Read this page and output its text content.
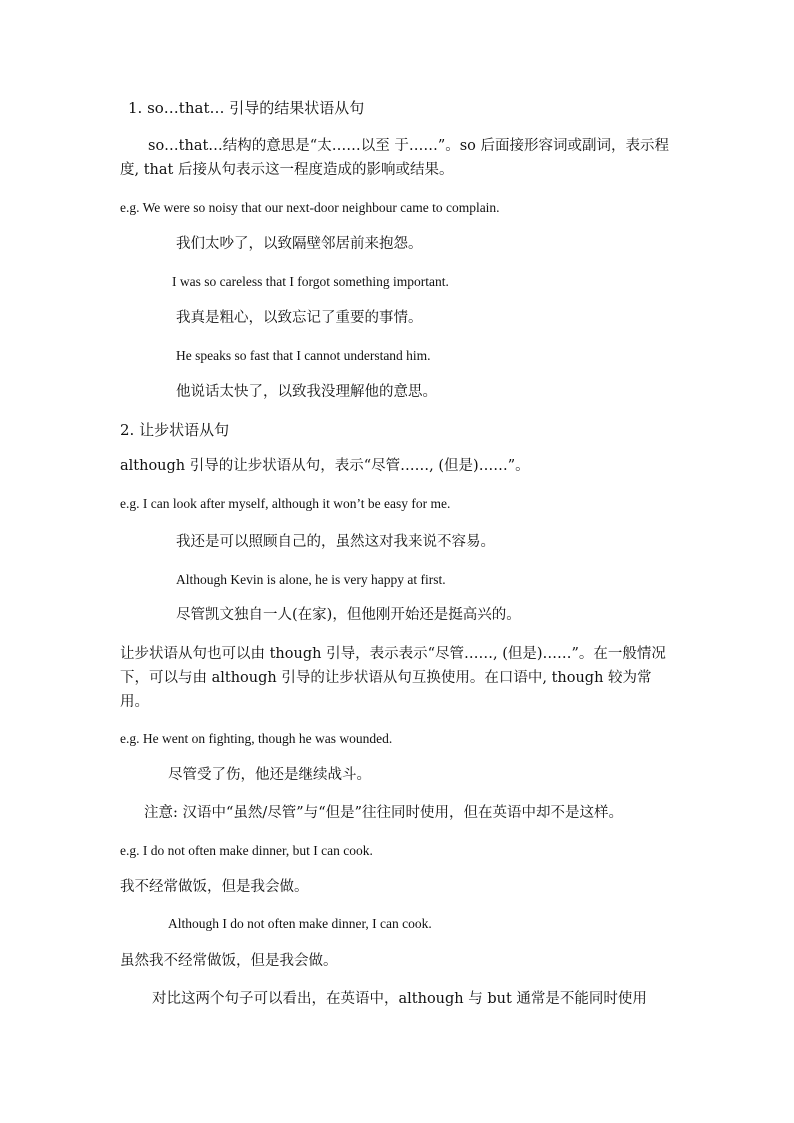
1. so…that… 引导的结果状语从句
so…that…结构的意思是“太……以至 于……”。so 后面接形容词或副词，表示程度, that 后接从句表示这一程度造成的影响或结果。
e.g. We were so noisy that our next-door neighbour came to complain.
我们太吵了，以致隔壁邻居前来抱怨。
I was so careless that I forgot something important.
我真是粗心，以致忘记了重要的事情。
He speaks so fast that I cannot understand him.
他说话太快了，以致我没理解他的意思。
2. 让步状语从句
although 引导的让步状语从句，表示“尽管……, (但是)……”。
e.g. I can look after myself, although it won’t be easy for me.
我还是可以照顾自己的，虽然这对我来说不容易。
Although Kevin is alone, he is very happy at first.
尽管凯文独自一人(在家)，但他刚开始还是挺高兴的。
让步状语从句也可以由 though 引导，表示表示“尽管……, (但是)……”。在一般情况下，可以与由 although 引导的让步状语从句互换使用。在口语中, though 较为常用。
e.g. He went on fighting, though he was wounded.
尽管受了伤，他还是继续战斗。
注意: 汉语中“虽然/尽管”与“但是”往往同时使用，但在英语中却不是这样。
e.g. I do not often make dinner, but I can cook.
我不经常做饭，但是我会做。
Although I do not often make dinner, I can cook.
虽然我不经常做饭，但是我会做。
对比这两个句子可以看出，在英语中，although 与 but 通常是不能同时使用
